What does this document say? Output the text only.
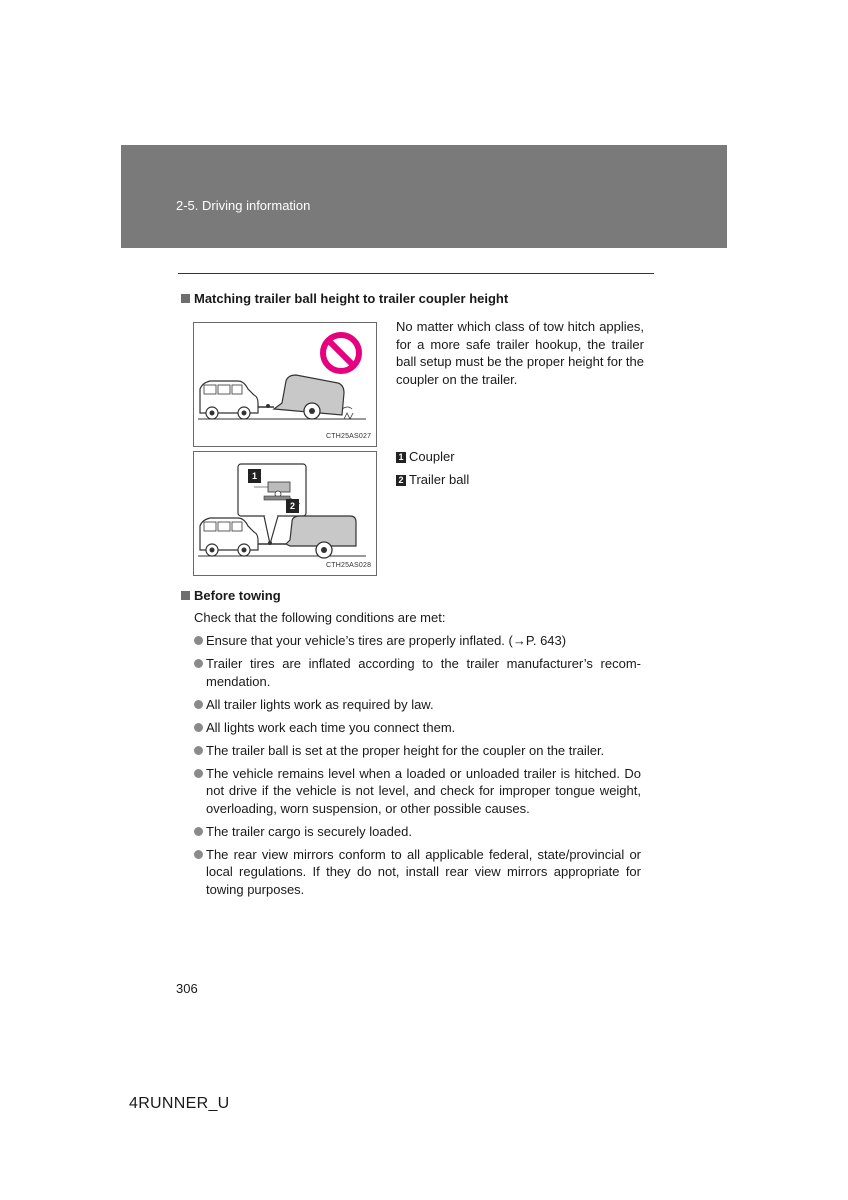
2-5. Driving information
Matching trailer ball height to trailer coupler height
CTH25AS027
1
2
CTH25AS028
No matter which class of tow hitch applies, for a more safe trailer hookup, the trailer ball setup must be the proper height for the coupler on the trailer.
1 Coupler
2 Trailer ball
Before towing
Check that the following conditions are met:
Ensure that your vehicle’s tires are properly inflated. (→P. 643)
Trailer tires are inflated according to the trailer manufacturer’s recom-mendation.
All trailer lights work as required by law.
All lights work each time you connect them.
The trailer ball is set at the proper height for the coupler on the trailer.
The vehicle remains level when a loaded or unloaded trailer is hitched. Do not drive if the vehicle is not level, and check for improper tongue weight, overloading, worn suspension, or other possible causes.
The trailer cargo is securely loaded.
The rear view mirrors conform to all applicable federal, state/provincial or local regulations. If they do not, install rear view mirrors appropriate for towing purposes.
306
4RUNNER_U
